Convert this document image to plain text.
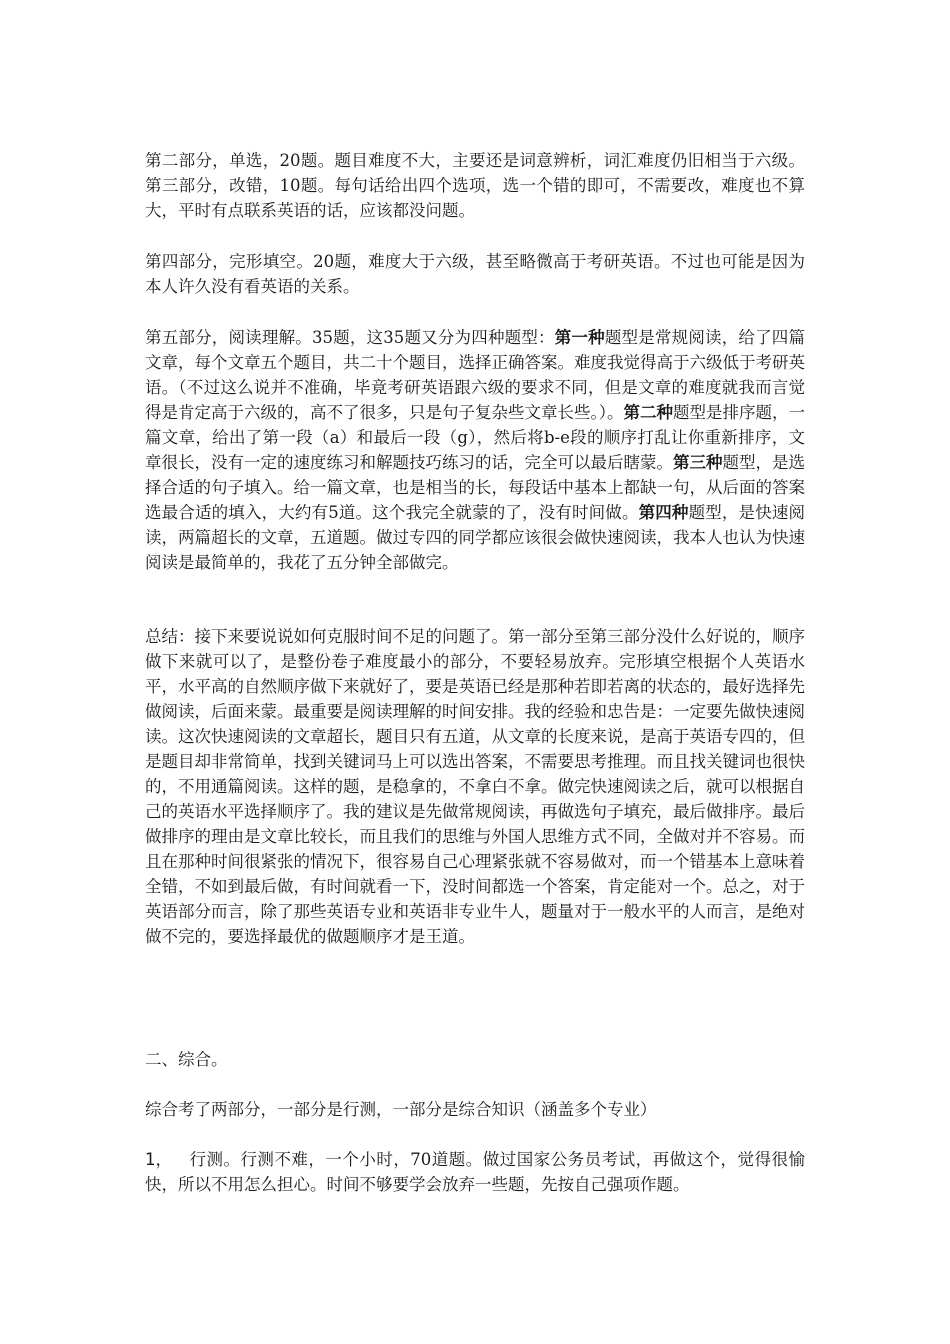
第二部分，单选，20题。题目难度不大，主要还是词意辨析，词汇难度仍旧相当于六级。第三部分，改错，10题。每句话给出四个选项，选一个错的即可，不需要改，难度也不算大，平时有点联系英语的话，应该都没问题。

第四部分，完形填空。20题，难度大于六级，甚至略微高于考研英语。不过也可能是因为本人许久没有看英语的关系。

第五部分，阅读理解。35题，这35题又分为四种题型：第一种题型是常规阅读，给了四篇文章，每个文章五个题目，共二十个题目，选择正确答案。难度我觉得高于六级低于考研英语。（不过这么说并不准确，毕竟考研英语跟六级的要求不同，但是文章的难度就我而言觉得是肯定高于六级的，高不了很多，只是句子复杂些文章长些。）。第二种题型是排序题，一篇文章，给出了第一段（a）和最后一段（g），然后将b-e段的顺序打乱让你重新排序，文章很长，没有一定的速度练习和解题技巧练习的话，完全可以最后瞎蒙。第三种题型，是选择合适的句子填入。给一篇文章，也是相当的长，每段话中基本上都缺一句，从后面的答案选最合适的填入，大约有5道。这个我完全就蒙的了，没有时间做。第四种题型，是快速阅读，两篇超长的文章，五道题。做过专四的同学都应该很会做快速阅读，我本人也认为快速阅读是最简单的，我花了五分钟全部做完。

总结：接下来要说说如何克服时间不足的问题了。第一部分至第三部分没什么好说的，顺序做下来就可以了，是整份卷子难度最小的部分，不要轻易放弃。完形填空根据个人英语水平，水平高的自然顺序做下来就好了，要是英语已经是那种若即若离的状态的，最好选择先做阅读，后面来蒙。最重要是阅读理解的时间安排。我的经验和忠告是：一定要先做快速阅读。这次快速阅读的文章超长，题目只有五道，从文章的长度来说，是高于英语专四的，但是题目却非常简单，找到关键词马上可以选出答案，不需要思考推理。而且找关键词也很快的，不用通篇阅读。这样的题，是稳拿的，不拿白不拿。做完快速阅读之后，就可以根据自己的英语水平选择顺序了。我的建议是先做常规阅读，再做选句子填充，最后做排序。最后做排序的理由是文章比较长，而且我们的思维与外国人思维方式不同，全做对并不容易。而且在那种时间很紧张的情况下，很容易自己心理紧张就不容易做对，而一个错基本上意味着全错，不如到最后做，有时间就看一下，没时间都选一个答案，肯定能对一个。总之，对于英语部分而言，除了那些英语专业和英语非专业牛人，题量对于一般水平的人而言，是绝对做不完的，要选择最优的做题顺序才是王道。

二、综合。

综合考了两部分，一部分是行测，一部分是综合知识（涵盖多个专业）

1， 行测。行测不难，一个小时，70道题。做过国家公务员考试，再做这个，觉得很愉快，所以不用怎么担心。时间不够要学会放弃一些题，先按自己强项作题。
